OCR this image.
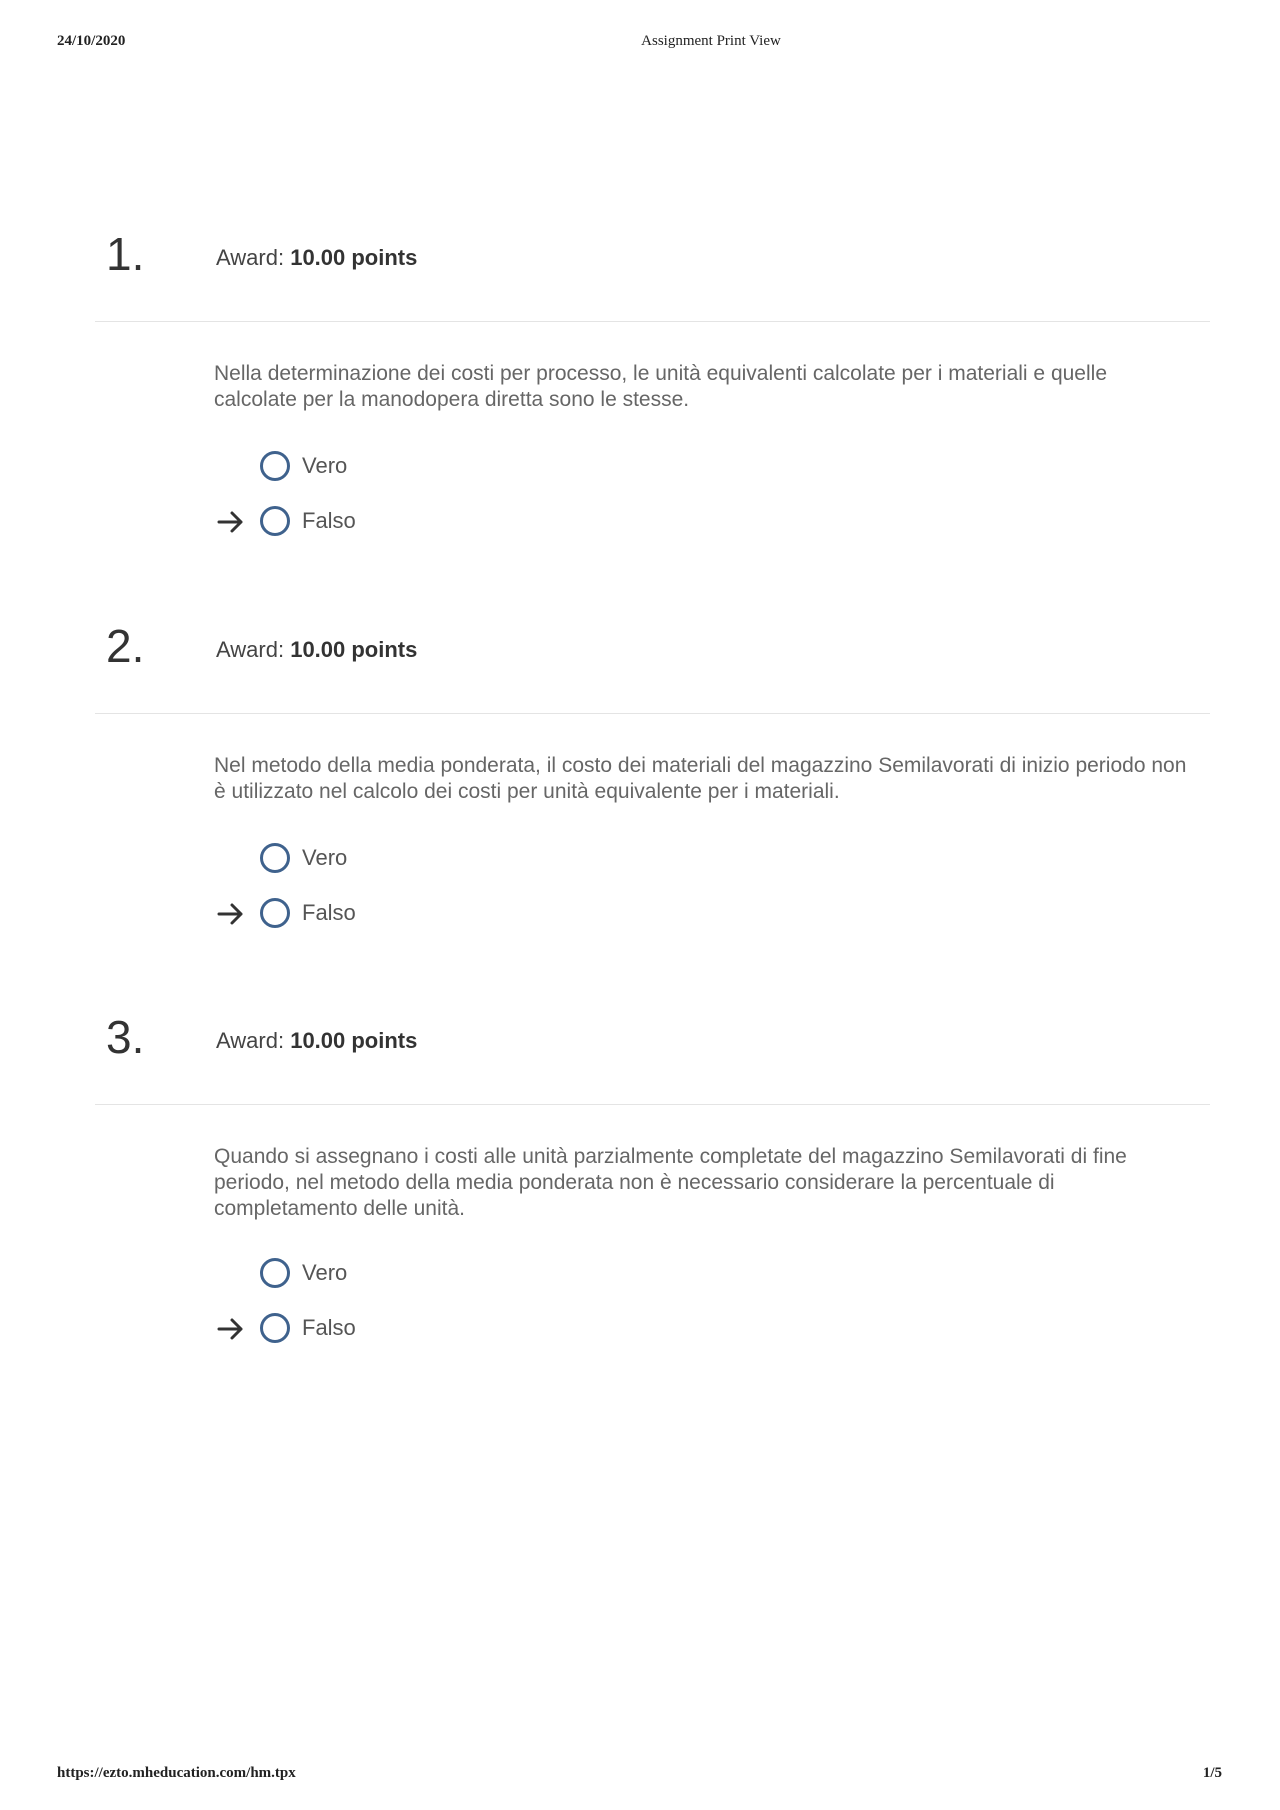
24/10/2020	Assignment Print View
1.	Award: 10.00 points
Nella determinazione dei costi per processo, le unità equivalenti calcolate per i materiali e quelle calcolate per la manodopera diretta sono le stesse.
Vero
Falso
2.	Award: 10.00 points
Nel metodo della media ponderata, il costo dei materiali del magazzino Semilavorati di inizio periodo non è utilizzato nel calcolo dei costi per unità equivalente per i materiali.
Vero
Falso
3.	Award: 10.00 points
Quando si assegnano i costi alle unità parzialmente completate del magazzino Semilavorati di fine periodo, nel metodo della media ponderata non è necessario considerare la percentuale di completamento delle unità.
Vero
Falso
https://ezto.mheducation.com/hm.tpx	1/5
